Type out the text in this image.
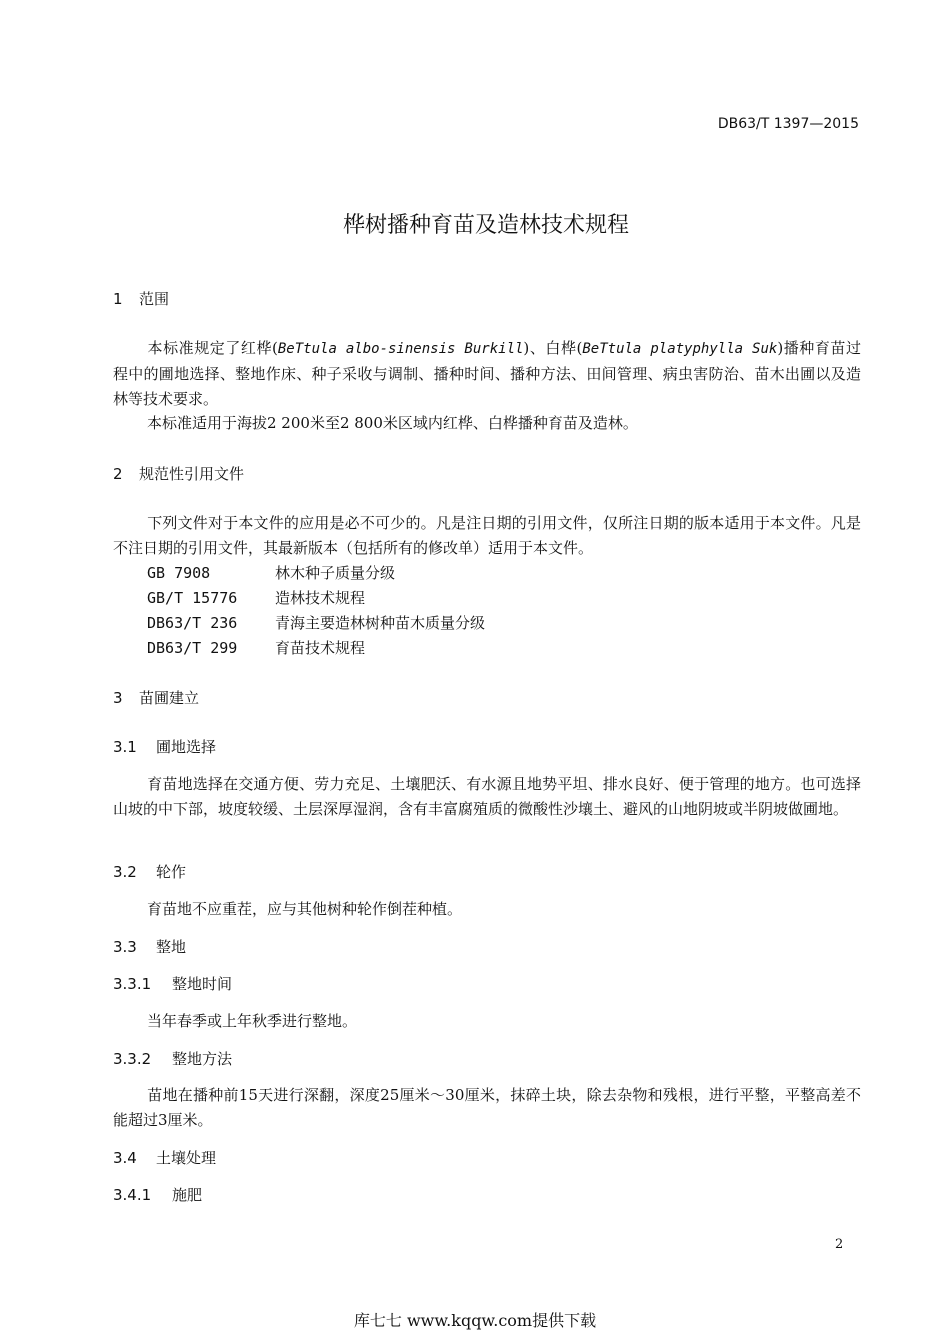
DB63/T 1397—2015
桦树播种育苗及造林技术规程
1 范围
本标准规定了红桦(BeTtula albo-sinensis Burkill)、白桦(BeTtula platyphylla Suk)播种育苗过程中的圃地选择、整地作床、种子采收与调制、播种时间、播种方法、田间管理、病虫害防治、苗木出圃以及造林等技术要求。
本标准适用于海拔2 200米至2 800米区域内红桦、白桦播种育苗及造林。
2 规范性引用文件
下列文件对于本文件的应用是必不可少的。凡是注日期的引用文件，仅所注日期的版本适用于本文件。凡是不注日期的引用文件，其最新版本（包括所有的修改单）适用于本文件。
GB 7908	林木种子质量分级
GB/T 15776	造林技术规程
DB63/T 236	青海主要造林树种苗木质量分级
DB63/T 299	育苗技术规程
3 苗圃建立
3.1 圃地选择
育苗地选择在交通方便、劳力充足、土壤肥沃、有水源且地势平坦、排水良好、便于管理的地方。也可选择山坡的中下部，坡度较缓、土层深厚湿润，含有丰富腐殖质的微酸性沙壤土、避风的山地阴坡或半阴坡做圃地。
3.2 轮作
育苗地不应重茬，应与其他树种轮作倒茬种植。
3.3 整地
3.3.1 整地时间
当年春季或上年秋季进行整地。
3.3.2 整地方法
苗地在播种前15天进行深翻，深度25厘米～30厘米，抹碎土块，除去杂物和残根，进行平整，平整高差不能超过3厘米。
3.4 土壤处理
3.4.1 施肥
2
库七七 www.kqqw.com提供下载
